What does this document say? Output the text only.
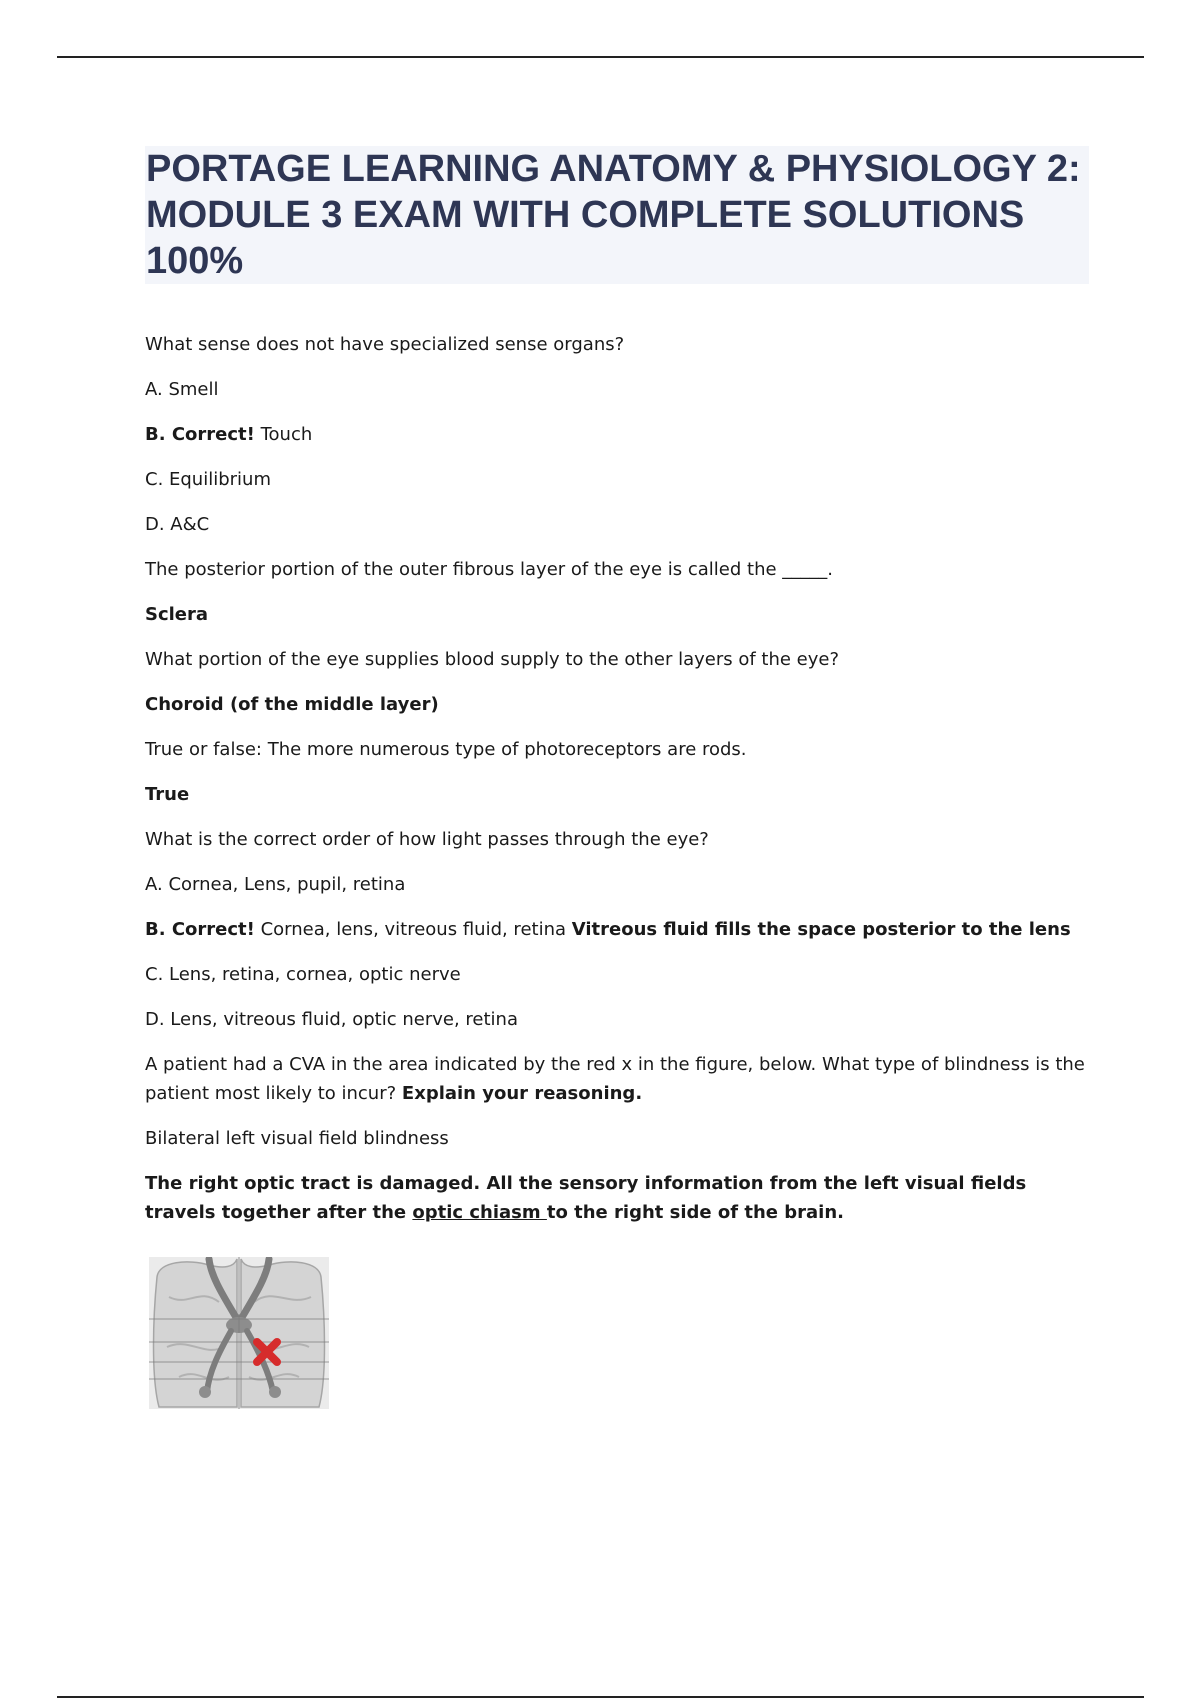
PORTAGE LEARNING ANATOMY & PHYSIOLOGY 2: MODULE 3 EXAM WITH COMPLETE SOLUTIONS 100%

What sense does not have specialized sense organs?

A. Smell

B. Correct! Touch

C. Equilibrium

D. A&C

The posterior portion of the outer fibrous layer of the eye is called the _____.

Sclera

What portion of the eye supplies blood supply to the other layers of the eye?

Choroid (of the middle layer)

True or false: The more numerous type of photoreceptors are rods.

True

What is the correct order of how light passes through the eye?

A. Cornea, Lens, pupil, retina

B. Correct! Cornea, lens, vitreous fluid, retina Vitreous fluid fills the space posterior to the lens

C. Lens, retina, cornea, optic nerve

D. Lens, vitreous fluid, optic nerve, retina

A patient had a CVA in the area indicated by the red x in the figure, below. What type of blindness is the patient most likely to incur? Explain your reasoning.

Bilateral left visual field blindness

The right optic tract is damaged. All the sensory information from the left visual fields travels together after the optic chiasm to the right side of the brain.
